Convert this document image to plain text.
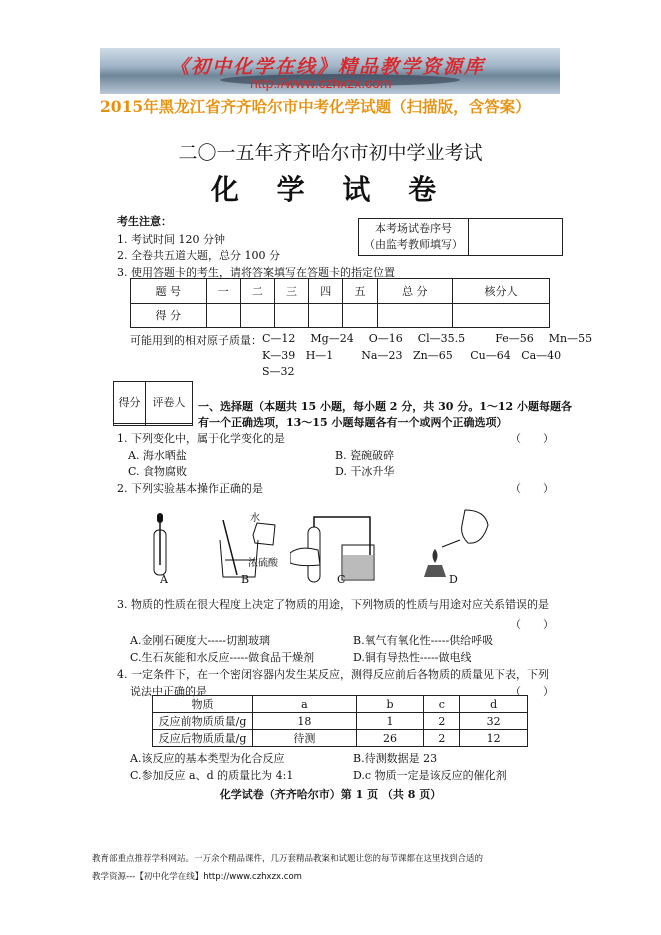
《初中化学在线》精品教学资源库
http://www.czhxzx.com
2015年黑龙江省齐齐哈尔市中考化学试题（扫描版，含答案）
二〇一五年齐齐哈尔市初中学业考试
化 学 试 卷
考生注意：
1. 考试时间 120 分钟
2. 全卷共五道大题，总分 100 分
3. 使用答题卡的考生，请将答案填写在答题卡的指定位置
本考场试卷序号
（由监考教师填写）

题 号	一	二	三	四	五	总 分	核分人
得 分							
可能用到的相对原子质量： C—12 Mg—24 O—16 Cl—35.5	Fe—56 Mn—55
K—39 H—1	Na—23 Zn—65 Cu—64 Ca—40
S—32
得分	评卷人
	一、选择题（本题共 15 小题，每小题 2 分，共 30 分。1～12 小题每题各
有一个正确选项，13～15 小题每题各有一个或两个正确选项）
1. 下列变化中，属于化学变化的是	（　　）
A. 海水晒盐	B. 瓷碗破碎
C. 食物腐败	D. 干冰升华
2. 下列实验基本操作正确的是	（　　）
水
浓硫酸
A	B	C	D
3. 物质的性质在很大程度上决定了物质的用途，下列物质的性质与用途对应关系错误的是
（　　）
A.金刚石硬度大-----切割玻璃	B.氧气有氧化性-----供给呼吸
C.生石灰能和水反应-----做食品干燥剂	D.铜有导热性-----做电线
4. 一定条件下，在一个密闭容器内发生某反应，测得反应前后各物质的质量见下表，下列
说法中正确的是	（　　）
物质	a	b	c	d
反应前物质质量/g	18	1	2	32
反应后物质质量/g	待测	26	2	12
A.该反应的基本类型为化合反应	B.待测数据是 23
C.参加反应 a、d 的质量比为 4:1	D.c 物质一定是该反应的催化剂
化学试卷（齐齐哈尔市）第 1 页 （共 8 页）
教育部重点推荐学科网站。一万余个精品课件，几万套精品教案和试题让您的每节课都在这里找到合适的
教学资源---【初中化学在线】http://www.czhxzx.com
